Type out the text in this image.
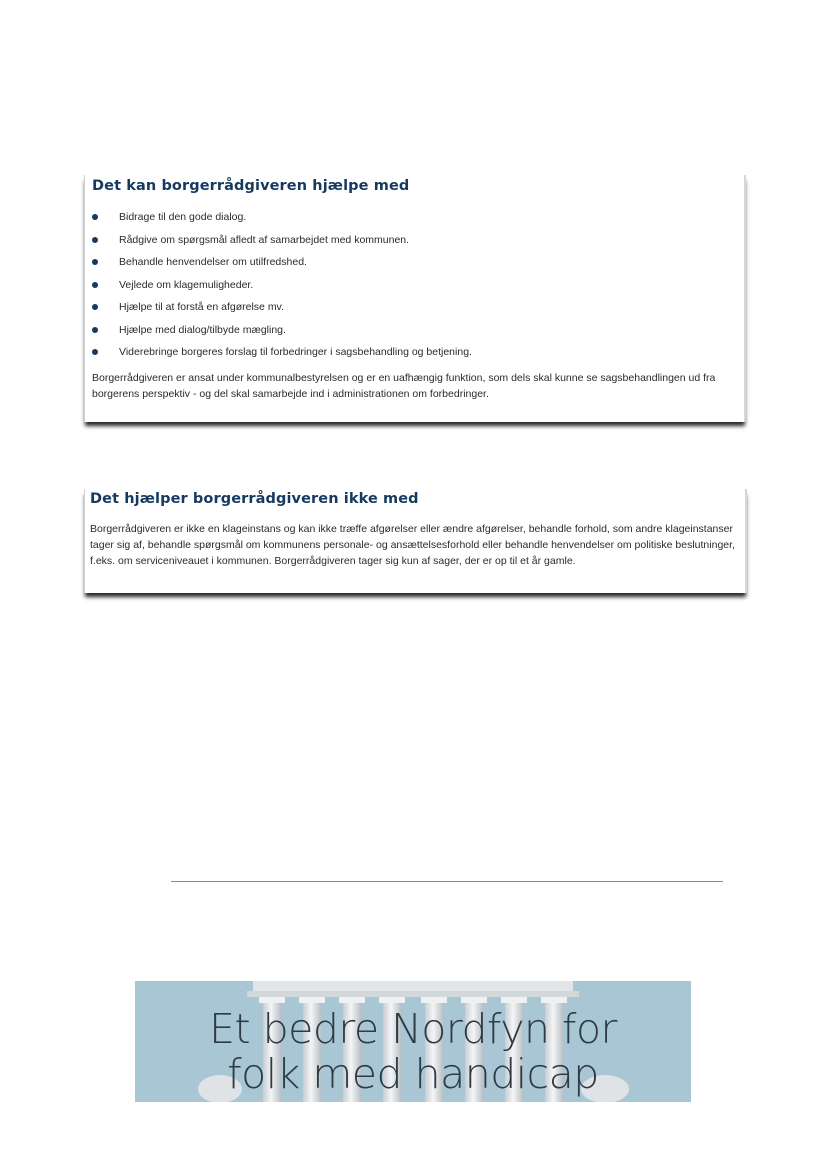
Det kan borgerrådgiveren hjælpe med
Bidrage til den gode dialog.
Rådgive om spørgsmål afledt af samarbejdet med kommunen.
Behandle henvendelser om utilfredshed.
Vejlede om klagemuligheder.
Hjælpe til at forstå en afgørelse mv.
Hjælpe med dialog/tilbyde mægling.
Viderebringe borgeres forslag til forbedringer i sagsbehandling og betjening.

Borgerrådgiveren er ansat under kommunalbestyrelsen og er en uafhængig funktion, som dels skal kunne se sagsbehandlingen ud fra borgerens perspektiv - og del skal samarbejde ind i administrationen om forbedringer.

Det hjælper borgerrådgiveren ikke med

Borgerrådgiveren er ikke en klageinstans og kan ikke træffe afgørelser eller ændre afgørelser, behandle forhold, som andre klageinstanser tager sig af, behandle spørgsmål om kommunens personale- og ansættelsesforhold eller behandle henvendelser om politiske beslutninger, f.eks. om serviceniveauet i kommunen. Borgerrådgiveren tager sig kun af sager, der er op til et år gamle.

Et bedre Nordfyn for
folk med handicap
